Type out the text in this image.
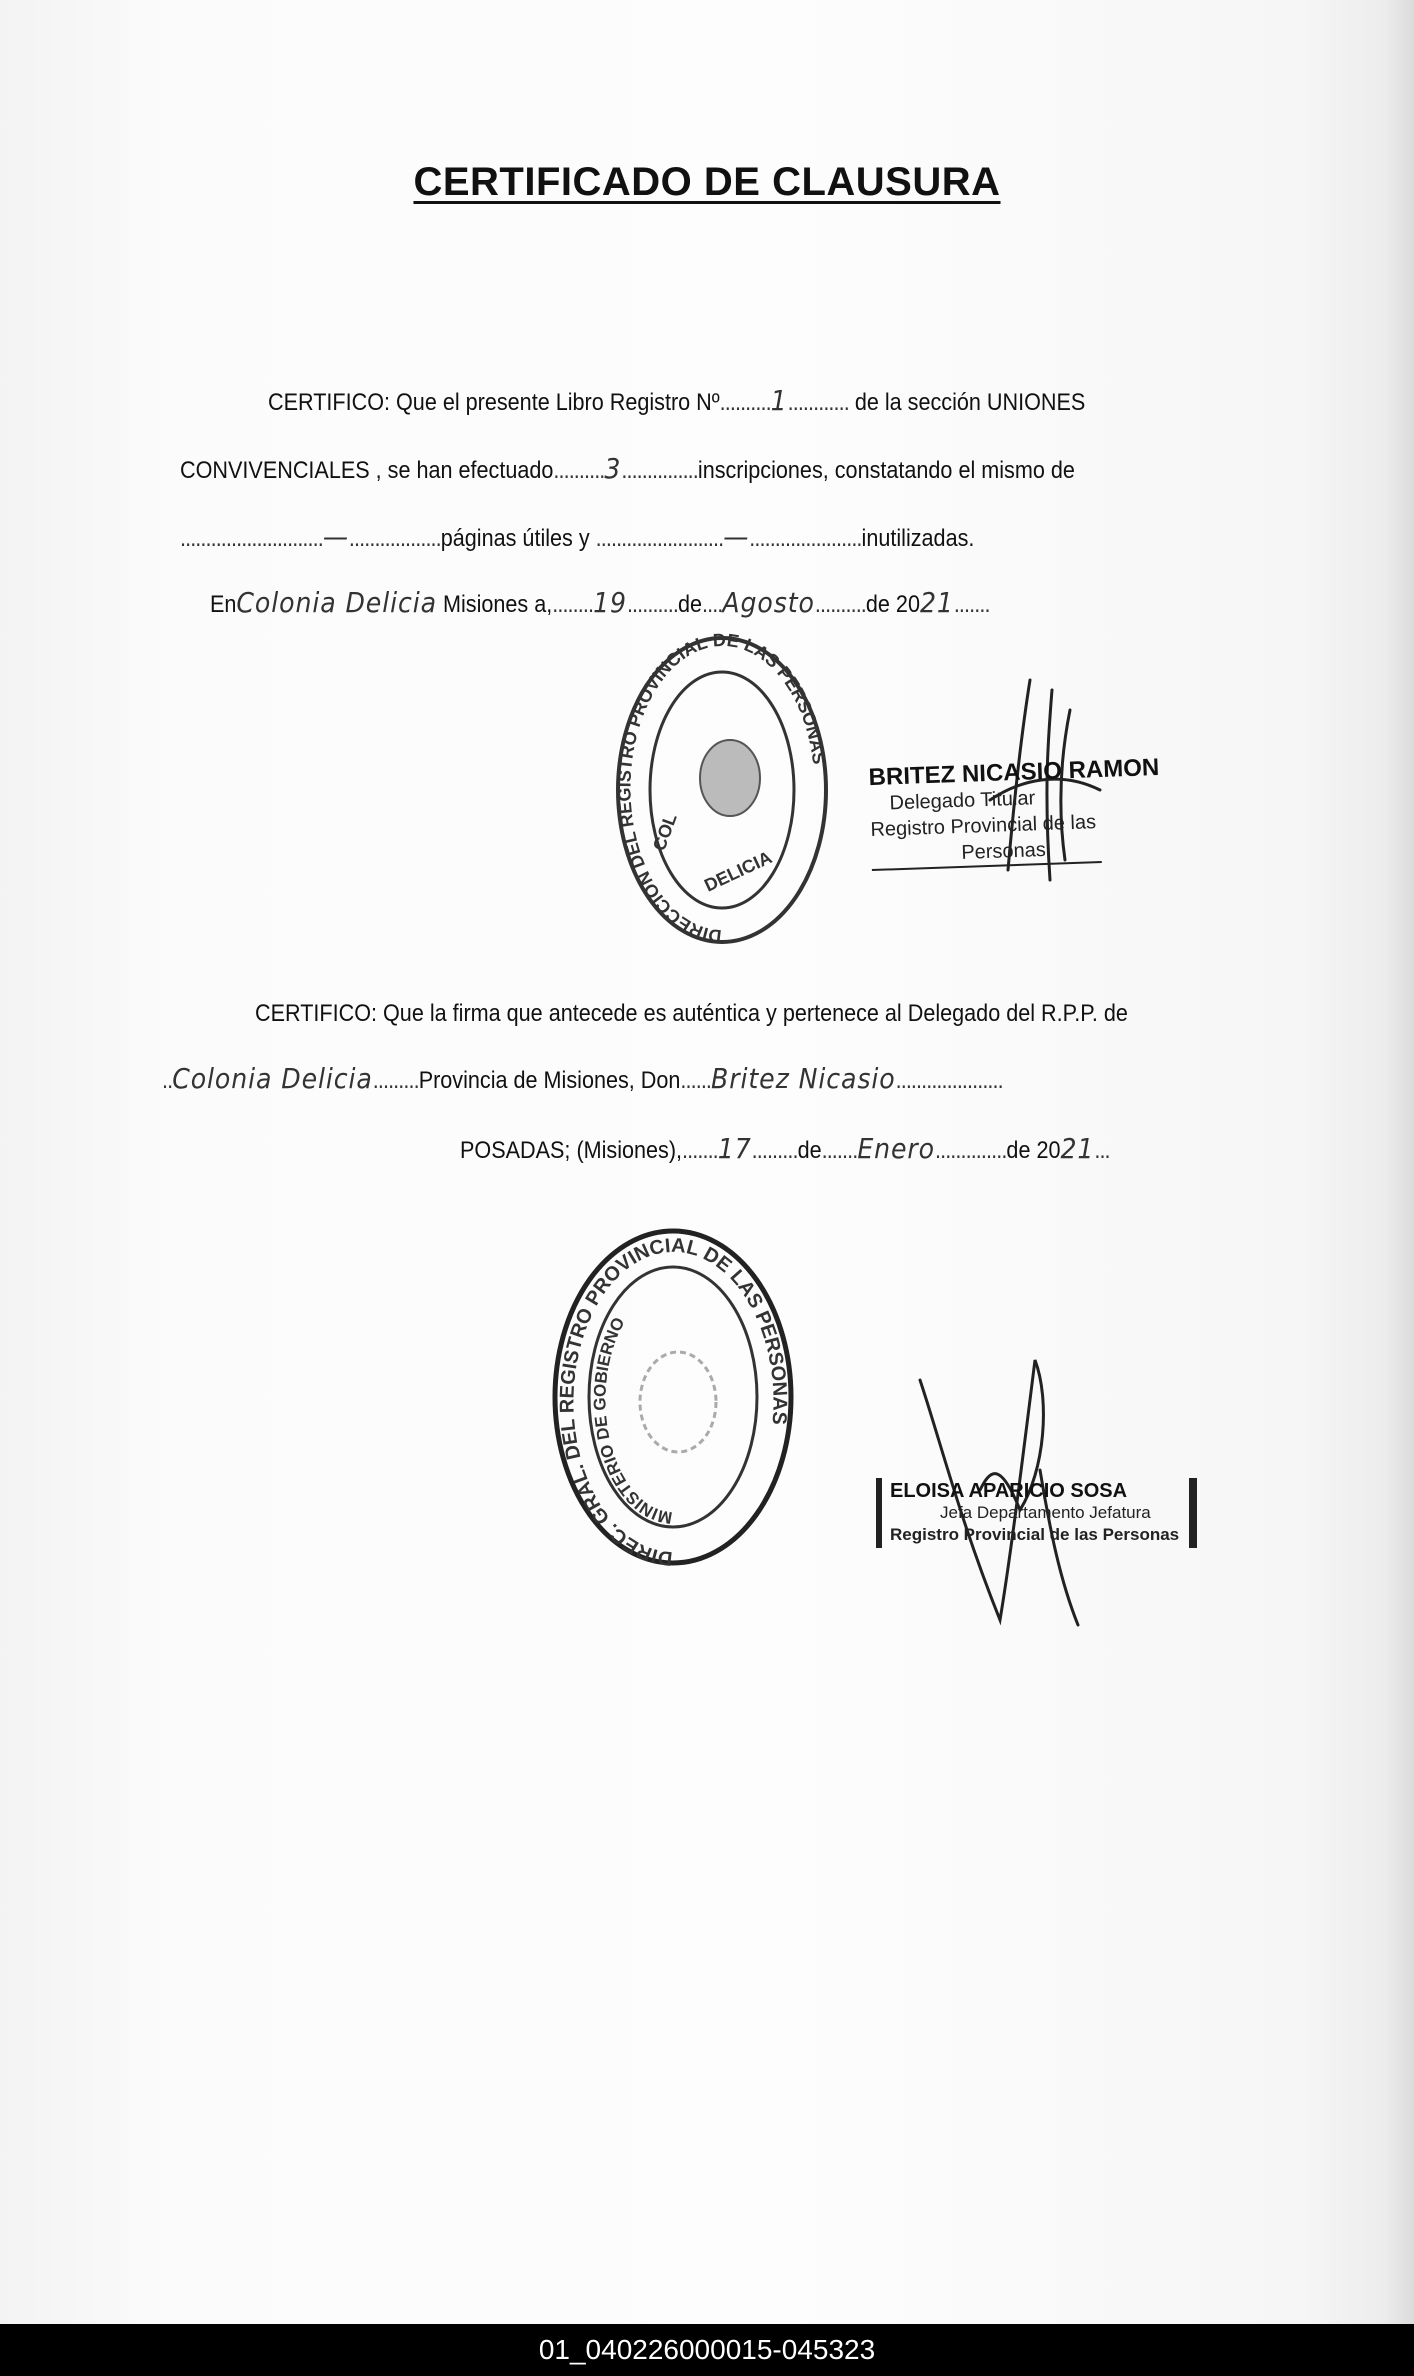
CERTIFICADO DE CLAUSURA
CERTIFICO: Que el presente Libro Registro Nº..........1............ de la sección UNIONES
CONVIVENCIALES , se han efectuado..........3...............inscripciones, constatando el mismo de
............................—..................páginas útiles y .........................—......................inutilizadas.
EnColonia Delicia Misiones a,........19..........de....Agosto..........de 2021.......
DIRECCION DEL REGISTRO PROVINCIAL DE LAS PERSONAS
COL
DELICIA
BRITEZ NICASIO RAMON
Delegado Titular
Registro Provincial de las
Personas
CERTIFICO: Que la firma que antecede es auténtica y pertenece al Delegado del R.P.P. de
..Colonia Delicia.........Provincia de Misiones, Don......Britez Nicasio.....................
POSADAS; (Misiones),.......17.........de.......Enero..............de 2021...
DIREC. GRAL. DEL REGISTRO PROVINCIAL DE LAS PERSONAS
MINISTERIO DE GOBIERNO
ELOISA APARICIO SOSA
Jefa Departamento Jefatura
Registro Provincial de las Personas
01_040226000015-045323
